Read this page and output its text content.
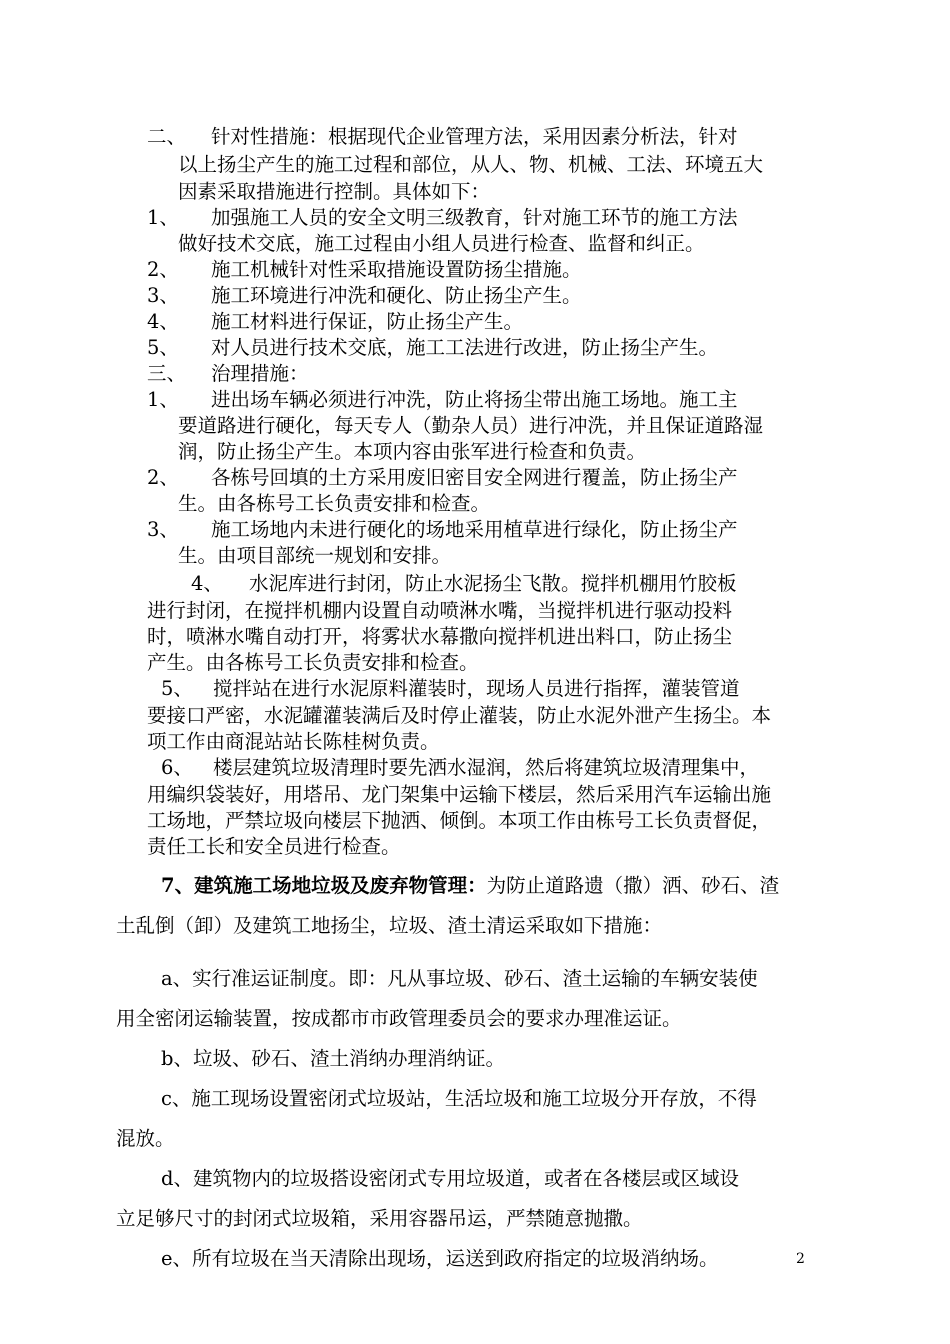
二、 针对性措施：根据现代企业管理方法，采用因素分析法，针对
以上扬尘产生的施工过程和部位，从人、物、机械、工法、环境五大
因素采取措施进行控制。具体如下：
1、 加强施工人员的安全文明三级教育，针对施工环节的施工方法
做好技术交底，施工过程由小组人员进行检查、监督和纠正。
2、 施工机械针对性采取措施设置防扬尘措施。
3、 施工环境进行冲洗和硬化、防止扬尘产生。
4、 施工材料进行保证，防止扬尘产生。
5、 对人员进行技术交底，施工工法进行改进，防止扬尘产生。
三、 治理措施：
1、 进出场车辆必须进行冲洗，防止将扬尘带出施工场地。施工主
要道路进行硬化，每天专人（勤杂人员）进行冲洗，并且保证道路湿
润，防止扬尘产生。本项内容由张军进行检查和负责。
2、 各栋号回填的土方采用废旧密目安全网进行覆盖，防止扬尘产
生。由各栋号工长负责安排和检查。
3、 施工场地内未进行硬化的场地采用植草进行绿化，防止扬尘产
生。由项目部统一规划和安排。
4、 水泥库进行封闭，防止水泥扬尘飞散。搅拌机棚用竹胶板
进行封闭，在搅拌机棚内设置自动喷淋水嘴，当搅拌机进行驱动投料
时，喷淋水嘴自动打开，将雾状水幕撒向搅拌机进出料口，防止扬尘
产生。由各栋号工长负责安排和检查。
5、 搅拌站在进行水泥原料灌装时，现场人员进行指挥，灌装管道
要接口严密，水泥罐灌装满后及时停止灌装，防止水泥外泄产生扬尘。本
项工作由商混站站长陈桂树负责。
6、 楼层建筑垃圾清理时要先洒水湿润，然后将建筑垃圾清理集中，
用编织袋装好，用塔吊、龙门架集中运输下楼层，然后采用汽车运输出施
工场地，严禁垃圾向楼层下抛洒、倾倒。本项工作由栋号工长负责督促，
责任工长和安全员进行检查。
7、建筑施工场地垃圾及废弃物管理：为防止道路遗（撒）洒、砂石、渣
土乱倒（卸）及建筑工地扬尘，垃圾、渣土清运采取如下措施：
a、实行准运证制度。即：凡从事垃圾、砂石、渣土运输的车辆安装使
用全密闭运输装置，按成都市市政管理委员会的要求办理准运证。
b、垃圾、砂石、渣土消纳办理消纳证。
c、施工现场设置密闭式垃圾站，生活垃圾和施工垃圾分开存放，不得
混放。
d、建筑物内的垃圾搭设密闭式专用垃圾道，或者在各楼层或区域设
立足够尺寸的封闭式垃圾箱，采用容器吊运，严禁随意抛撒。
e、所有垃圾在当天清除出现场，运送到政府指定的垃圾消纳场。	2
